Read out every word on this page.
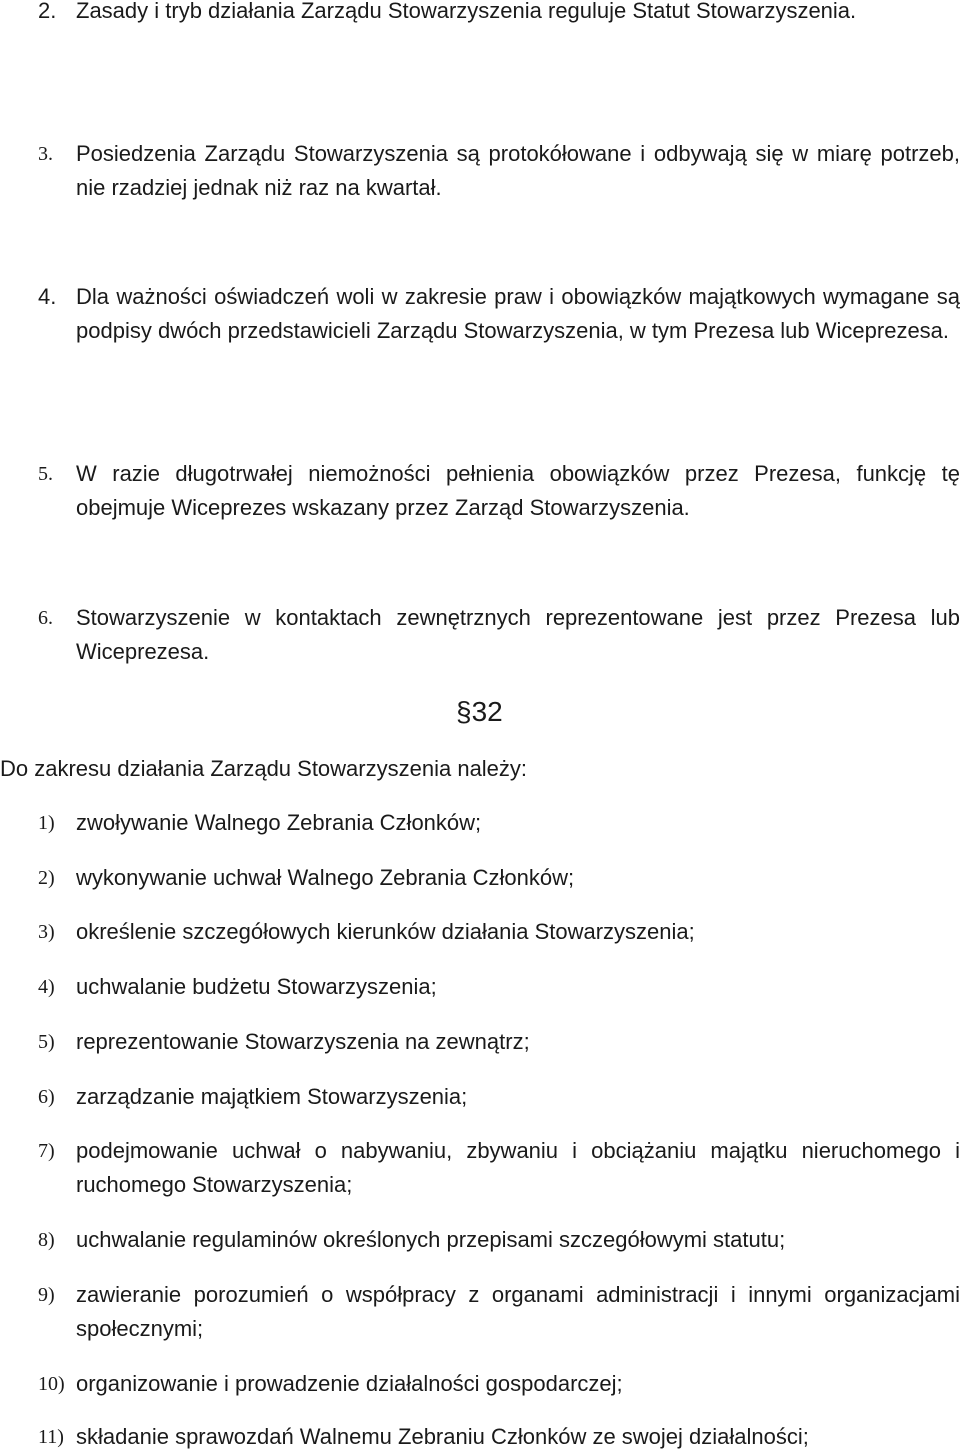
2. Zasady i tryb działania Zarządu Stowarzyszenia reguluje Statut Stowarzyszenia.
3.	Posiedzenia Zarządu Stowarzyszenia są protokółowane i odbywają się w miarę potrzeb, nie rzadziej jednak niż raz na kwartał.
4. Dla ważności oświadczeń woli w zakresie praw i obowiązków majątkowych wymagane są podpisy dwóch przedstawicieli Zarządu Stowarzyszenia, w tym Prezesa lub Wiceprezesa.
5.	W razie długotrwałej niemożności pełnienia obowiązków przez Prezesa, funkcję tę obejmuje Wiceprezes wskazany przez Zarząd Stowarzyszenia.
6.	Stowarzyszenie w kontaktach zewnętrznych reprezentowane jest przez Prezesa lub Wiceprezesa.
§32
Do zakresu działania Zarządu Stowarzyszenia należy:
1) zwoływanie Walnego Zebrania Członków;
2) wykonywanie uchwał Walnego Zebrania Członków;
3) określenie szczegółowych kierunków działania Stowarzyszenia;
4) uchwalanie budżetu Stowarzyszenia;
5) reprezentowanie Stowarzyszenia na zewnątrz;
6) zarządzanie majątkiem Stowarzyszenia;
7) podejmowanie uchwał o nabywaniu, zbywaniu i obciążaniu majątku nieruchomego i ruchomego Stowarzyszenia;
8) uchwalanie regulaminów określonych przepisami szczegółowymi statutu;
9) zawieranie porozumień o współpracy z organami administracji i innymi organizacjami społecznymi;
10) organizowanie i prowadzenie działalności gospodarczej;
11) składanie sprawozdań Walnemu Zebraniu Członków ze swojej działalności;
